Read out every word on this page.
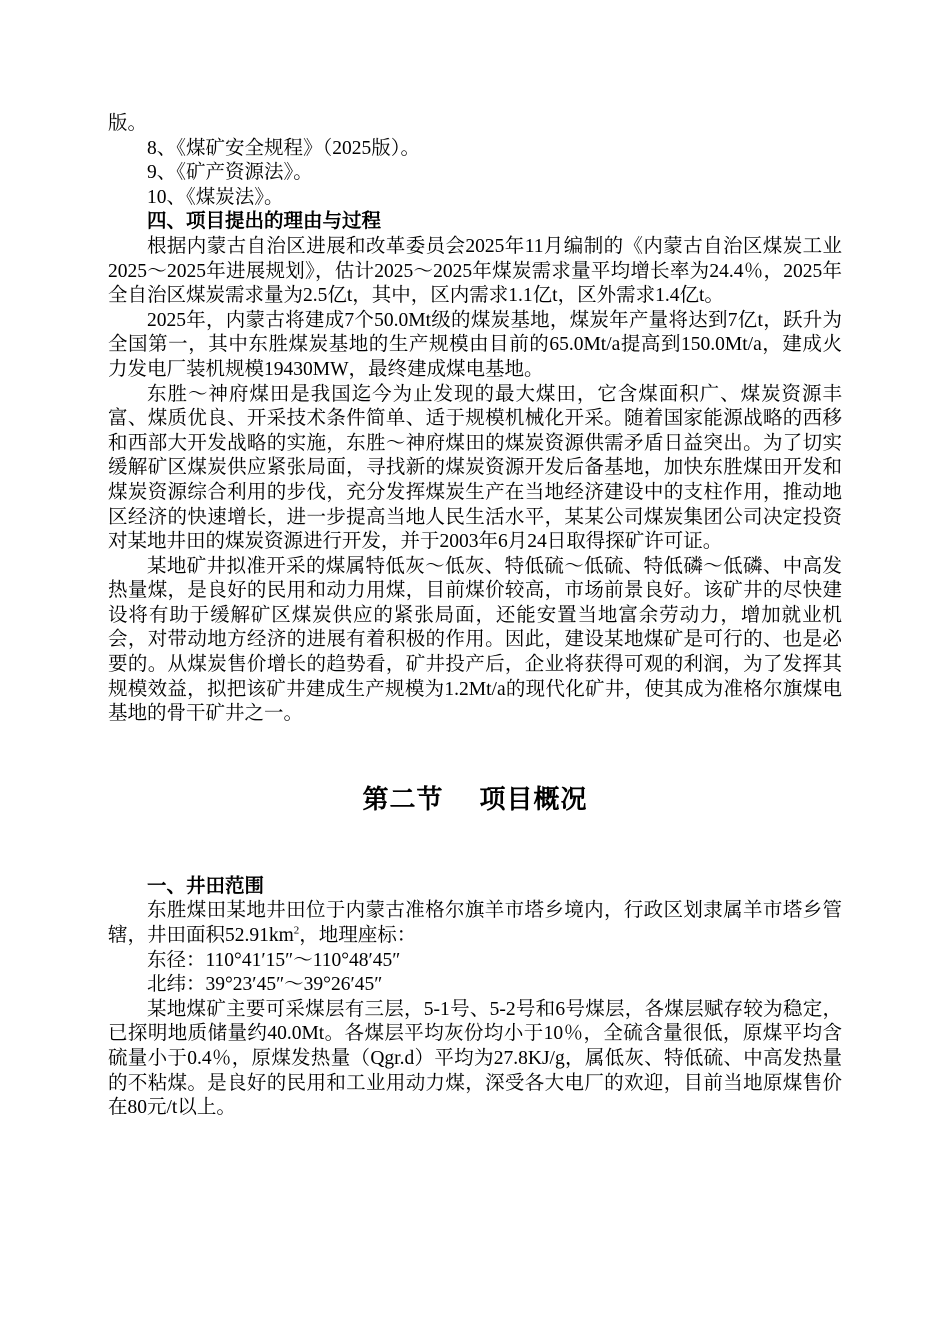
版。

8、《煤矿安全规程》（2025版）。

9、《矿产资源法》。

10、《煤炭法》。

四、项目提出的理由与过程

根据内蒙古自治区进展和改革委员会2025年11月编制的《内蒙古自治区煤炭工业2025～2025年进展规划》，估计2025～2025年煤炭需求量平均增长率为24.4％，2025年全自治区煤炭需求量为2.5亿t，其中，区内需求1.1亿t，区外需求1.4亿t。

2025年，内蒙古将建成7个50.0Mt级的煤炭基地，煤炭年产量将达到7亿t，跃升为全国第一，其中东胜煤炭基地的生产规模由目前的65.0Mt/a提高到150.0Mt/a，建成火力发电厂装机规模19430MW，最终建成煤电基地。

东胜～神府煤田是我国迄今为止发现的最大煤田，它含煤面积广、煤炭资源丰富、煤质优良、开采技术条件简单、适于规模机械化开采。随着国家能源战略的西移和西部大开发战略的实施，东胜～神府煤田的煤炭资源供需矛盾日益突出。为了切实缓解矿区煤炭供应紧张局面，寻找新的煤炭资源开发后备基地，加快东胜煤田开发和煤炭资源综合利用的步伐，充分发挥煤炭生产在当地经济建设中的支柱作用，推动地区经济的快速增长，进一步提高当地人民生活水平，某某公司煤炭集团公司决定投资对某地井田的煤炭资源进行开发，并于2003年6月24日取得探矿许可证。

某地矿井拟准开采的煤属特低灰～低灰、特低硫～低硫、特低磷～低磷、中高发热量煤，是良好的民用和动力用煤，目前煤价较高，市场前景良好。该矿井的尽快建设将有助于缓解矿区煤炭供应的紧张局面，还能安置当地富余劳动力，增加就业机会，对带动地方经济的进展有着积极的作用。因此，建设某地煤矿是可行的、也是必要的。从煤炭售价增长的趋势看，矿井投产后，企业将获得可观的利润，为了发挥其规模效益，拟把该矿井建成生产规模为1.2Mt/a的现代化矿井，使其成为准格尔旗煤电基地的骨干矿井之一。

第二节 项目概况

一、井田范围

东胜煤田某地井田位于内蒙古准格尔旗羊市塔乡境内，行政区划隶属羊市塔乡管辖，井田面积$52.91km^2$，地理座标：

东径：110°41′15″～110°48′45″

北纬：39°23′45″～39°26′45″

某地煤矿主要可采煤层有三层，5-1号、5-2号和6号煤层，各煤层赋存较为稳定，已探明地质储量约40.0Mt。各煤层平均灰份均小于10％，全硫含量很低，原煤平均含硫量小于0.4％，原煤发热量（Qgr.d）平均为27.8KJ/g，属低灰、特低硫、中高发热量的不粘煤。是良好的民用和工业用动力煤，深受各大电厂的欢迎，目前当地原煤售价在80元/t以上。
